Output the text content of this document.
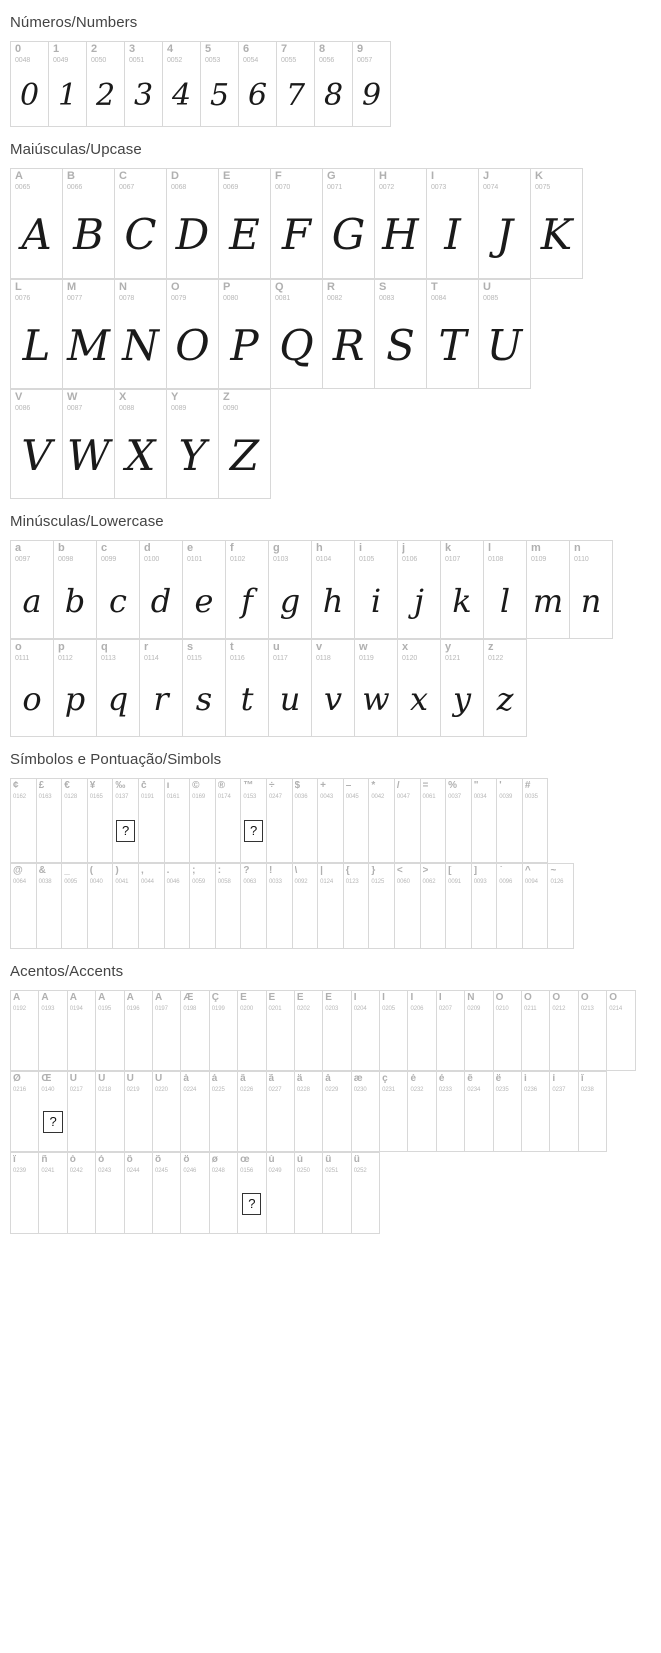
Números/Numbers
0
0048
0
1
0049
1
2
0050
2
3
0051
3
4
0052
4
5
0053
5
6
0054
6
7
0055
7
8
0056
8
9
0057
9
Maiúsculas/Upcase
A
0065
A
B
0066
B
C
0067
C
D
0068
D
E
0069
E
F
0070
F
G
0071
G
H
0072
H
I
0073
I
J
0074
J
K
0075
K
L
0076
L
M
0077
M
N
0078
N
O
0079
O
P
0080
P
Q
0081
Q
R
0082
R
S
0083
S
T
0084
T
U
0085
U
V
0086
V
W
0087
W
X
0088
X
Y
0089
Y
Z
0090
Z
Minúsculas/Lowercase
a
0097
a
b
0098
b
c
0099
c
d
0100
d
e
0101
e
f
0102
f
g
0103
g
h
0104
h
i
0105
i
j
0106
j
k
0107
k
l
0108
l
m
0109
m
n
0110
n
o
0111
o
p
0112
p
q
0113
q
r
0114
r
s
0115
s
t
0116
t
u
0117
u
v
0118
v
w
0119
w
x
0120
x
y
0121
y
z
0122
z
Símbolos e Pontuação/Simbols
¢
0162
£
0163
€
0128
¥
0165
‰
0137
?
č
0191
ı
0161
©
0169
®
0174
™
0153
?
÷
0247
$
0036
+
0043
–
0045
*
0042
/
0047
=
0061
%
0037
"
0034
'
0039
#
0035
@
0064
&
0038
_
0095
(
0040
)
0041
,
0044
.
0046
;
0059
:
0058
?
0063
!
0033
\
0092
|
0124
{
0123
}
0125
<
0060
>
0062
[
0091
]
0093
`
0096
^
0094
~
0126
Acentos/Accents
À
0192
Á
0193
Â
0194
Ã
0195
Ä
0196
Å
0197
Æ
0198
Ç
0199
È
0200
É
0201
Ê
0202
Ë
0203
Ì
0204
Í
0205
Î
0206
Ï
0207
Ñ
0209
Ò
0210
Ó
0211
Ô
0212
Õ
0213
Ö
0214
Ø
0216
Œ
0140
?
Ù
0217
Ú
0218
Û
0219
Ü
0220
à
0224
á
0225
â
0226
ã
0227
ä
0228
å
0229
æ
0230
ç
0231
è
0232
é
0233
ê
0234
ë
0235
ì
0236
í
0237
î
0238
ï
0239
ñ
0241
ò
0242
ó
0243
ô
0244
õ
0245
ö
0246
ø
0248
œ
0156
?
ù
0249
ú
0250
û
0251
ü
0252
